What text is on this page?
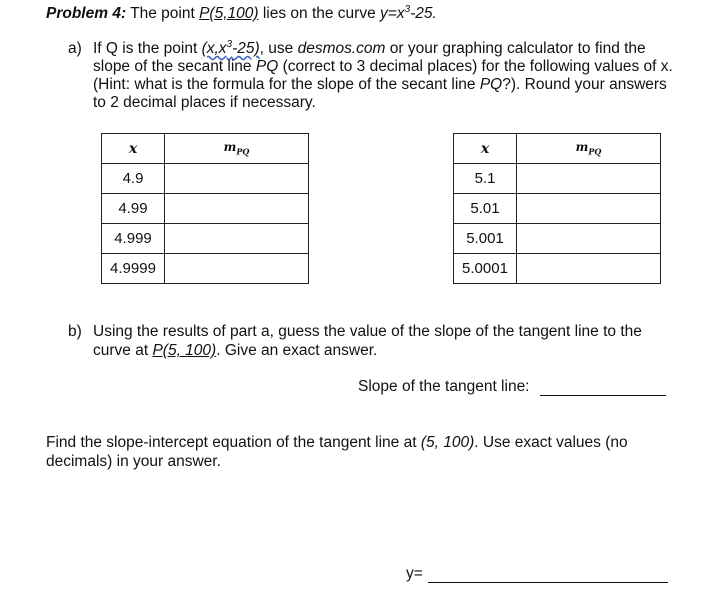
Problem 4: The point P(5,100) lies on the curve $y=x^3-25$.
a) If Q is the point $(x,x^3-25)$, use desmos.com or your graphing calculator to find the slope of the secant line PQ (correct to 3 decimal places) for the following values of x. (Hint: what is the formula for the slope of the secant line PQ?). Round your answers to 2 decimal places if necessary.
x	$m_{PQ}$
4.9	
4.99	
4.999	
4.9999	
x	$m_{PQ}$
5.1	
5.01	
5.001	
5.0001	
b) Using the results of part a, guess the value of the slope of the tangent line to the curve at P(5, 100). Give an exact answer.
Slope of the tangent line:
Find the slope-intercept equation of the tangent line at (5, 100). Use exact values (no decimals) in your answer.
y=
